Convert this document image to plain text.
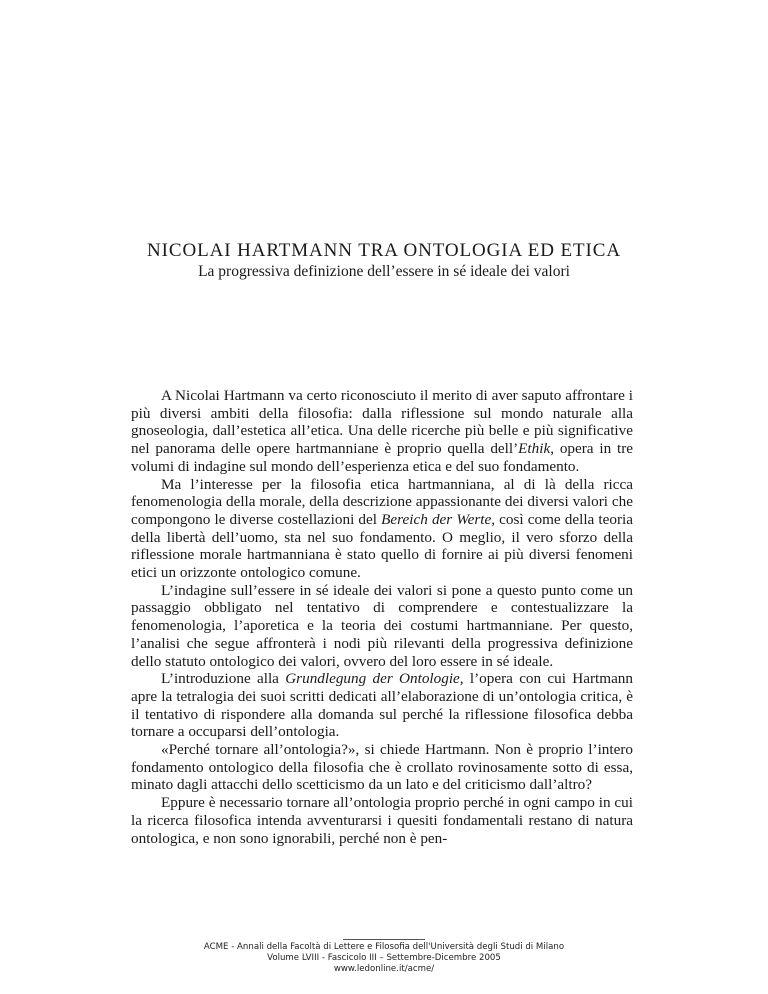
NICOLAI HARTMANN TRA ONTOLOGIA ED ETICA
La progressiva definizione dell’essere in sé ideale dei valori

A Nicolai Hartmann va certo riconosciuto il merito di aver saputo affrontare i più diversi ambiti della filosofia: dalla riflessione sul mondo naturale alla gnoseologia, dall’estetica all’etica. Una delle ricerche più belle e più significative nel panorama delle opere hartmanniane è proprio quella dell’Ethik, opera in tre volumi di indagine sul mondo dell’esperienza etica e del suo fondamento.

Ma l’interesse per la filosofia etica hartmanniana, al di là della ricca fenomenologia della morale, della descrizione appassionante dei diversi valori che compongono le diverse costellazioni del Bereich der Werte, così come della teoria della libertà dell’uomo, sta nel suo fondamento. O meglio, il vero sforzo della riflessione morale hartmanniana è stato quello di fornire ai più diversi fenomeni etici un orizzonte ontologico comune.

L’indagine sull’essere in sé ideale dei valori si pone a questo punto come un passaggio obbligato nel tentativo di comprendere e contestualizzare la fenomenologia, l’aporetica e la teoria dei costumi hartmanniane. Per questo, l’analisi che segue affronterà i nodi più rilevanti della progressiva definizione dello statuto ontologico dei valori, ovvero del loro essere in sé ideale.

L’introduzione alla Grundlegung der Ontologie, l’opera con cui Hartmann apre la tetralogia dei suoi scritti dedicati all’elaborazione di un’ontologia critica, è il tentativo di rispondere alla domanda sul perché la riflessione filosofica debba tornare a occuparsi dell’ontologia.

«Perché tornare all’ontologia?», si chiede Hartmann. Non è proprio l’intero fondamento ontologico della filosofia che è crollato rovinosamente sotto di essa, minato dagli attacchi dello scetticismo da un lato e del criticismo dall’altro?

Eppure è necessario tornare all’ontologia proprio perché in ogni campo in cui la ricerca filosofica intenda avventurarsi i quesiti fondamentali restano di natura ontologica, e non sono ignorabili, perché non è pen-

ACME - Annali della Facoltà di Lettere e Filosofia dell'Università degli Studi di Milano
Volume LVIII - Fascicolo III – Settembre-Dicembre 2005
www.ledonline.it/acme/
